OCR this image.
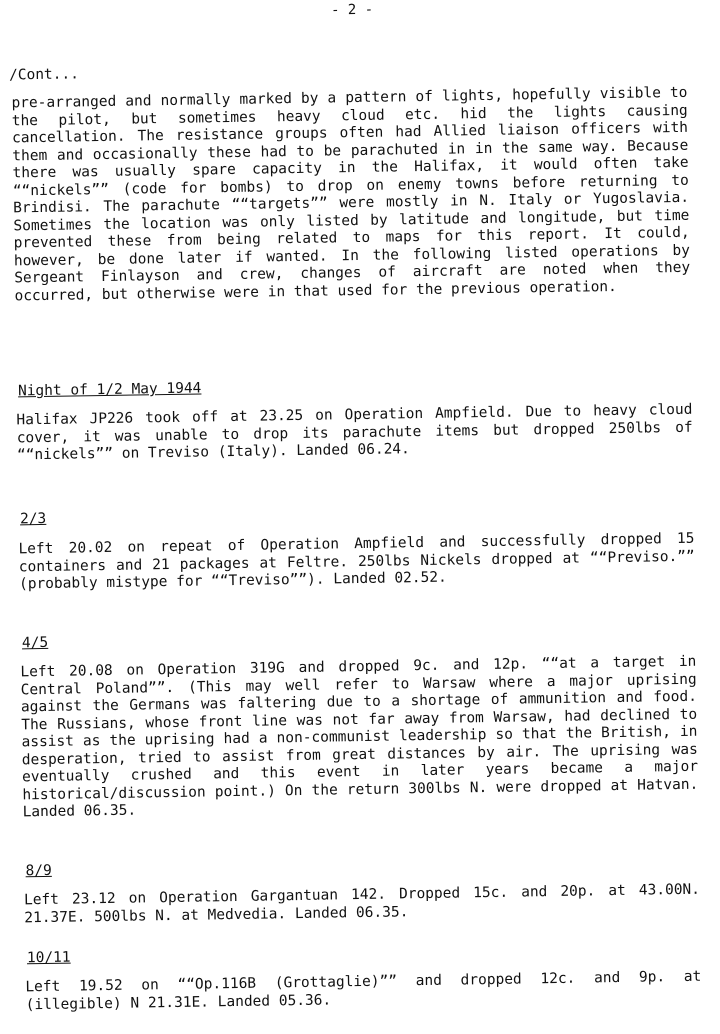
- 2 -
/Cont...
pre-arranged and normally marked by a pattern of lights, hopefully visible to the pilot, but sometimes heavy cloud etc. hid the lights causing cancellation. The resistance groups often had Allied liaison officers with them and occasionally these had to be parachuted in in the same way. Because there was usually spare capacity in the Halifax, it would often take ““nickels”” (code for bombs) to drop on enemy towns before returning to Brindisi. The parachute ““targets”” were mostly in N. Italy or Yugoslavia. Sometimes the location was only listed by latitude and longitude, but time prevented these from being related to maps for this report. It could, however, be done later if wanted. In the following listed operations by Sergeant Finlayson and crew, changes of aircraft are noted when they occurred, but otherwise were in that used for the previous operation.
Night of 1/2 May 1944
Halifax JP226 took off at 23.25 on Operation Ampfield. Due to heavy cloud cover, it was unable to drop its parachute items but dropped 250lbs of ““nickels”” on Treviso (Italy). Landed 06.24.
2/3
Left 20.02 on repeat of Operation Ampfield and successfully dropped 15 containers and 21 packages at Feltre. 250lbs Nickels dropped at ““Previso.”” (probably mistype for ““Treviso””). Landed 02.52.
4/5
Left 20.08 on Operation 319G and dropped 9c. and 12p. ““at a target in Central Poland””. (This may well refer to Warsaw where a major uprising against the Germans was faltering due to a shortage of ammunition and food. The Russians, whose front line was not far away from Warsaw, had declined to assist as the uprising had a non-communist leadership so that the British, in desperation, tried to assist from great distances by air. The uprising was eventually crushed and this event in later years became a major historical/discussion point.) On the return 300lbs N. were dropped at Hatvan. Landed 06.35.
8/9
Left 23.12 on Operation Gargantuan 142. Dropped 15c. and 20p. at 43.00N. 21.37E. 500lbs N. at Medvedia. Landed 06.35.
10/11
Left 19.52 on ““Op.116B (Grottaglie)”” and dropped 12c. and 9p. at (illegible) N 21.31E. Landed 05.36.
